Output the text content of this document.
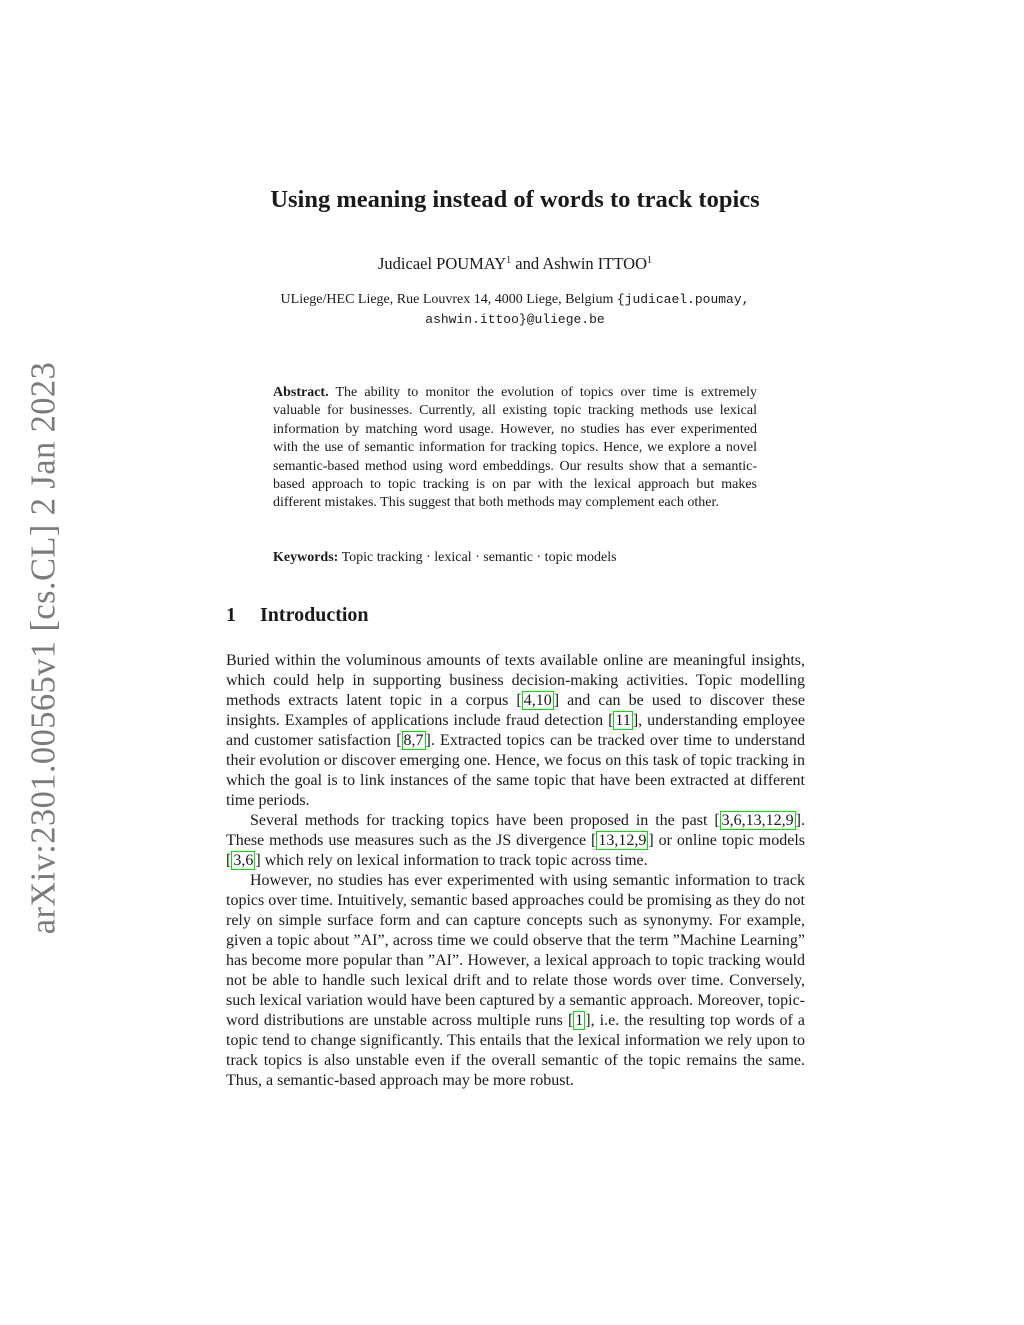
arXiv:2301.00565v1 [cs.CL] 2 Jan 2023
Using meaning instead of words to track topics
Judicael POUMAY$^1$ and Ashwin ITTOO$^1$
ULiege/HEC Liege, Rue Louvrex 14, 4000 Liege, Belgium {judicael.poumay,
ashwin.ittoo}@uliege.be
Abstract. The ability to monitor the evolution of topics over time is extremely valuable for businesses. Currently, all existing topic tracking methods use lexical information by matching word usage. However, no studies has ever experimented with the use of semantic information for tracking topics. Hence, we explore a novel semantic-based method using word embeddings. Our results show that a semantic-based approach to topic tracking is on par with the lexical approach but makes different mistakes. This suggest that both methods may complement each other.
Keywords: Topic tracking · lexical · semantic · topic models
1 Introduction

Buried within the voluminous amounts of texts available online are meaningful insights, which could help in supporting business decision-making activities. Topic modelling methods extracts latent topic in a corpus [ 4,10 ] and can be used to discover these insights. Examples of applications include fraud detection [ 11 ], understanding employee and customer satisfaction [ 8,7 ]. Extracted topics can be tracked over time to understand their evolution or discover emerging one. Hence, we focus on this task of topic tracking in which the goal is to link instances of the same topic that have been extracted at different time periods.

Several methods for tracking topics have been proposed in the past [ 3,6,13,12,9 ]. These methods use measures such as the JS divergence [ 13,12,9 ] or online topic models [ 3,6 ] which rely on lexical information to track topic across time.

However, no studies has ever experimented with using semantic information to track topics over time. Intuitively, semantic based approaches could be promising as they do not rely on simple surface form and can capture concepts such as synonymy. For example, given a topic about ”AI”, across time we could observe that the term ”Machine Learning” has become more popular than ”AI”. However, a lexical approach to topic tracking would not be able to handle such lexical drift and to relate those words over time. Conversely, such lexical variation would have been captured by a semantic approach. Moreover, topic-word distributions are unstable across multiple runs [ 1 ], i.e. the resulting top words of a topic tend to change significantly. This entails that the lexical information we rely upon to track topics is also unstable even if the overall semantic of the topic remains the same. Thus, a semantic-based approach may be more robust.
